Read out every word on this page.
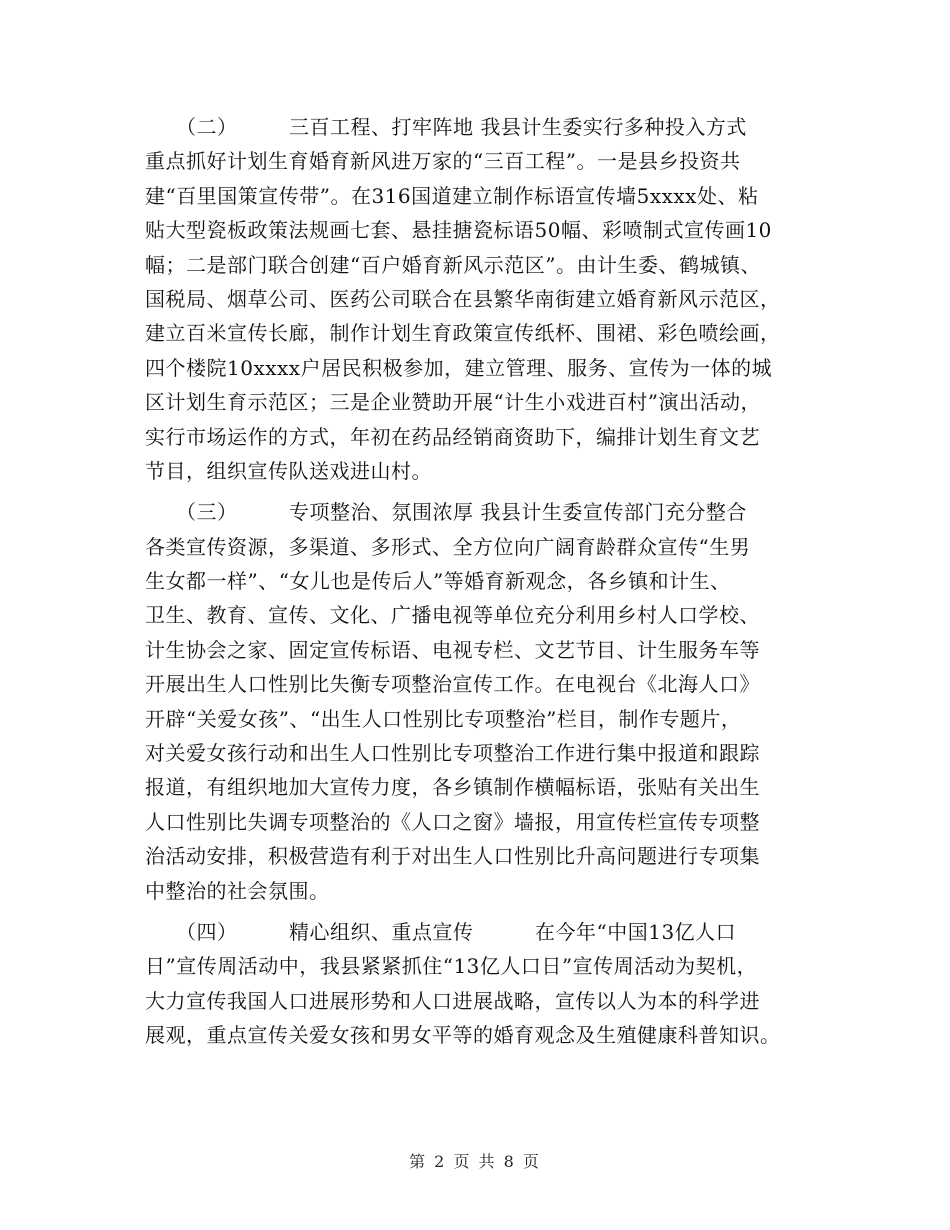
　　（二）　　　三百工程、打牢阵地 我县计生委实行多种投入方式
重点抓好计划生育婚育新风进万家的“三百工程”。一是县乡投资共
建“百里国策宣传带”。在316国道建立制作标语宣传墙5xxxx处、粘
贴大型瓷板政策法规画七套、悬挂搪瓷标语50幅、彩喷制式宣传画10
幅；二是部门联合创建“百户婚育新风示范区”。由计生委、鹤城镇、
国税局、烟草公司、医药公司联合在县繁华南街建立婚育新风示范区，
建立百米宣传长廊，制作计划生育政策宣传纸杯、围裙、彩色喷绘画，
四个楼院10xxxx户居民积极参加，建立管理、服务、宣传为一体的城
区计划生育示范区；三是企业赞助开展“计生小戏进百村”演出活动，
实行市场运作的方式，年初在药品经销商资助下，编排计划生育文艺
节目，组织宣传队送戏进山村。

　　（三）　　　专项整治、氛围浓厚 我县计生委宣传部门充分整合
各类宣传资源，多渠道、多形式、全方位向广阔育龄群众宣传“生男
生女都一样”、“女儿也是传后人”等婚育新观念，各乡镇和计生、
卫生、教育、宣传、文化、广播电视等单位充分利用乡村人口学校、
计生协会之家、固定宣传标语、电视专栏、文艺节目、计生服务车等
开展出生人口性别比失衡专项整治宣传工作。在电视台《北海人口》
开辟“关爱女孩”、“出生人口性别比专项整治”栏目，制作专题片，
对关爱女孩行动和出生人口性别比专项整治工作进行集中报道和跟踪
报道，有组织地加大宣传力度，各乡镇制作横幅标语，张贴有关出生
人口性别比失调专项整治的《人口之窗》墙报，用宣传栏宣传专项整
治活动安排，积极营造有利于对出生人口性别比升高问题进行专项集
中整治的社会氛围。

　　（四）　　　精心组织、重点宣传　　　在今年“中国13亿人口
日”宣传周活动中，我县紧紧抓住“13亿人口日”宣传周活动为契机，
大力宣传我国人口进展形势和人口进展战略，宣传以人为本的科学进
展观，重点宣传关爱女孩和男女平等的婚育观念及生殖健康科普知识。

第 2 页 共 8 页
